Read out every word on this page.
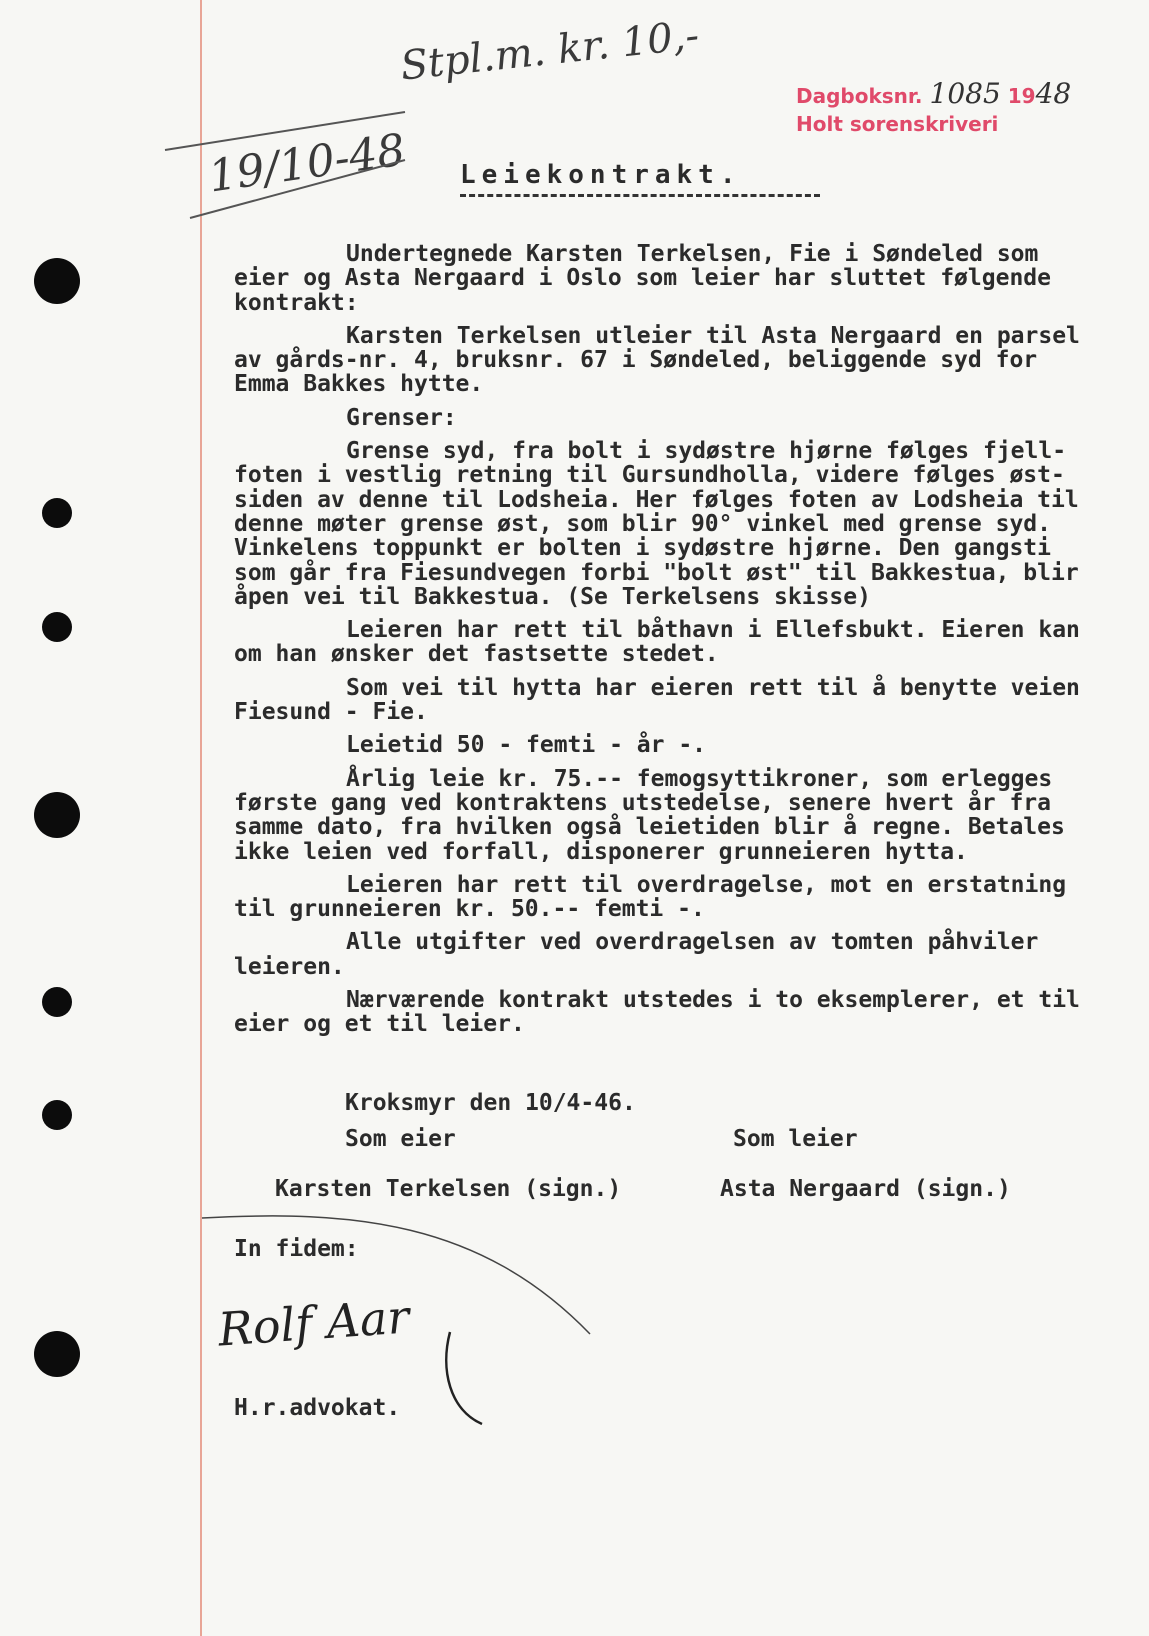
Stpl.m. kr. 10,-
19/10-48
Dagboksnr. 1085 1948
Holt sorenskriveri
Leiekontrakt.

Undertegnede Karsten Terkelsen, Fie i Søndeled som

eier og Asta Nergaard i Oslo som leier har sluttet følgende

kontrakt:

Karsten Terkelsen utleier til Asta Nergaard en parsel

av gårds-nr. 4, bruksnr. 67 i Søndeled, beliggende syd for

Emma Bakkes hytte.

Grenser:

Grense syd, fra bolt i sydøstre hjørne følges fjell-

foten i vestlig retning til Gursundholla, videre følges øst-

siden av denne til Lodsheia. Her følges foten av Lodsheia til

denne møter grense øst, som blir 90° vinkel med grense syd.

Vinkelens toppunkt er bolten i sydøstre hjørne. Den gangsti

som går fra Fiesundvegen forbi "bolt øst" til Bakkestua, blir

åpen vei til Bakkestua. (Se Terkelsens skisse)

Leieren har rett til båthavn i Ellefsbukt. Eieren kan

om han ønsker det fastsette stedet.

Som vei til hytta har eieren rett til å benytte veien

Fiesund - Fie.

Leietid 50 - femti - år -.

Årlig leie kr. 75.-- femogsyttikroner, som erlegges

første gang ved kontraktens utstedelse, senere hvert år fra

samme dato, fra hvilken også leietiden blir å regne. Betales

ikke leien ved forfall, disponerer grunneieren hytta.

Leieren har rett til overdragelse, mot en erstatning

til grunneieren kr. 50.-- femti -.

Alle utgifter ved overdragelsen av tomten påhviler

leieren.

Nærværende kontrakt utstedes i to eksemplerer, et til

eier og et til leier.

Kroksmyr den 10/4-46.
Som eier	Som leier
Karsten Terkelsen (sign.)	Asta Nergaard (sign.)
In fidem:
Rolf Aar
H.r.advokat.
